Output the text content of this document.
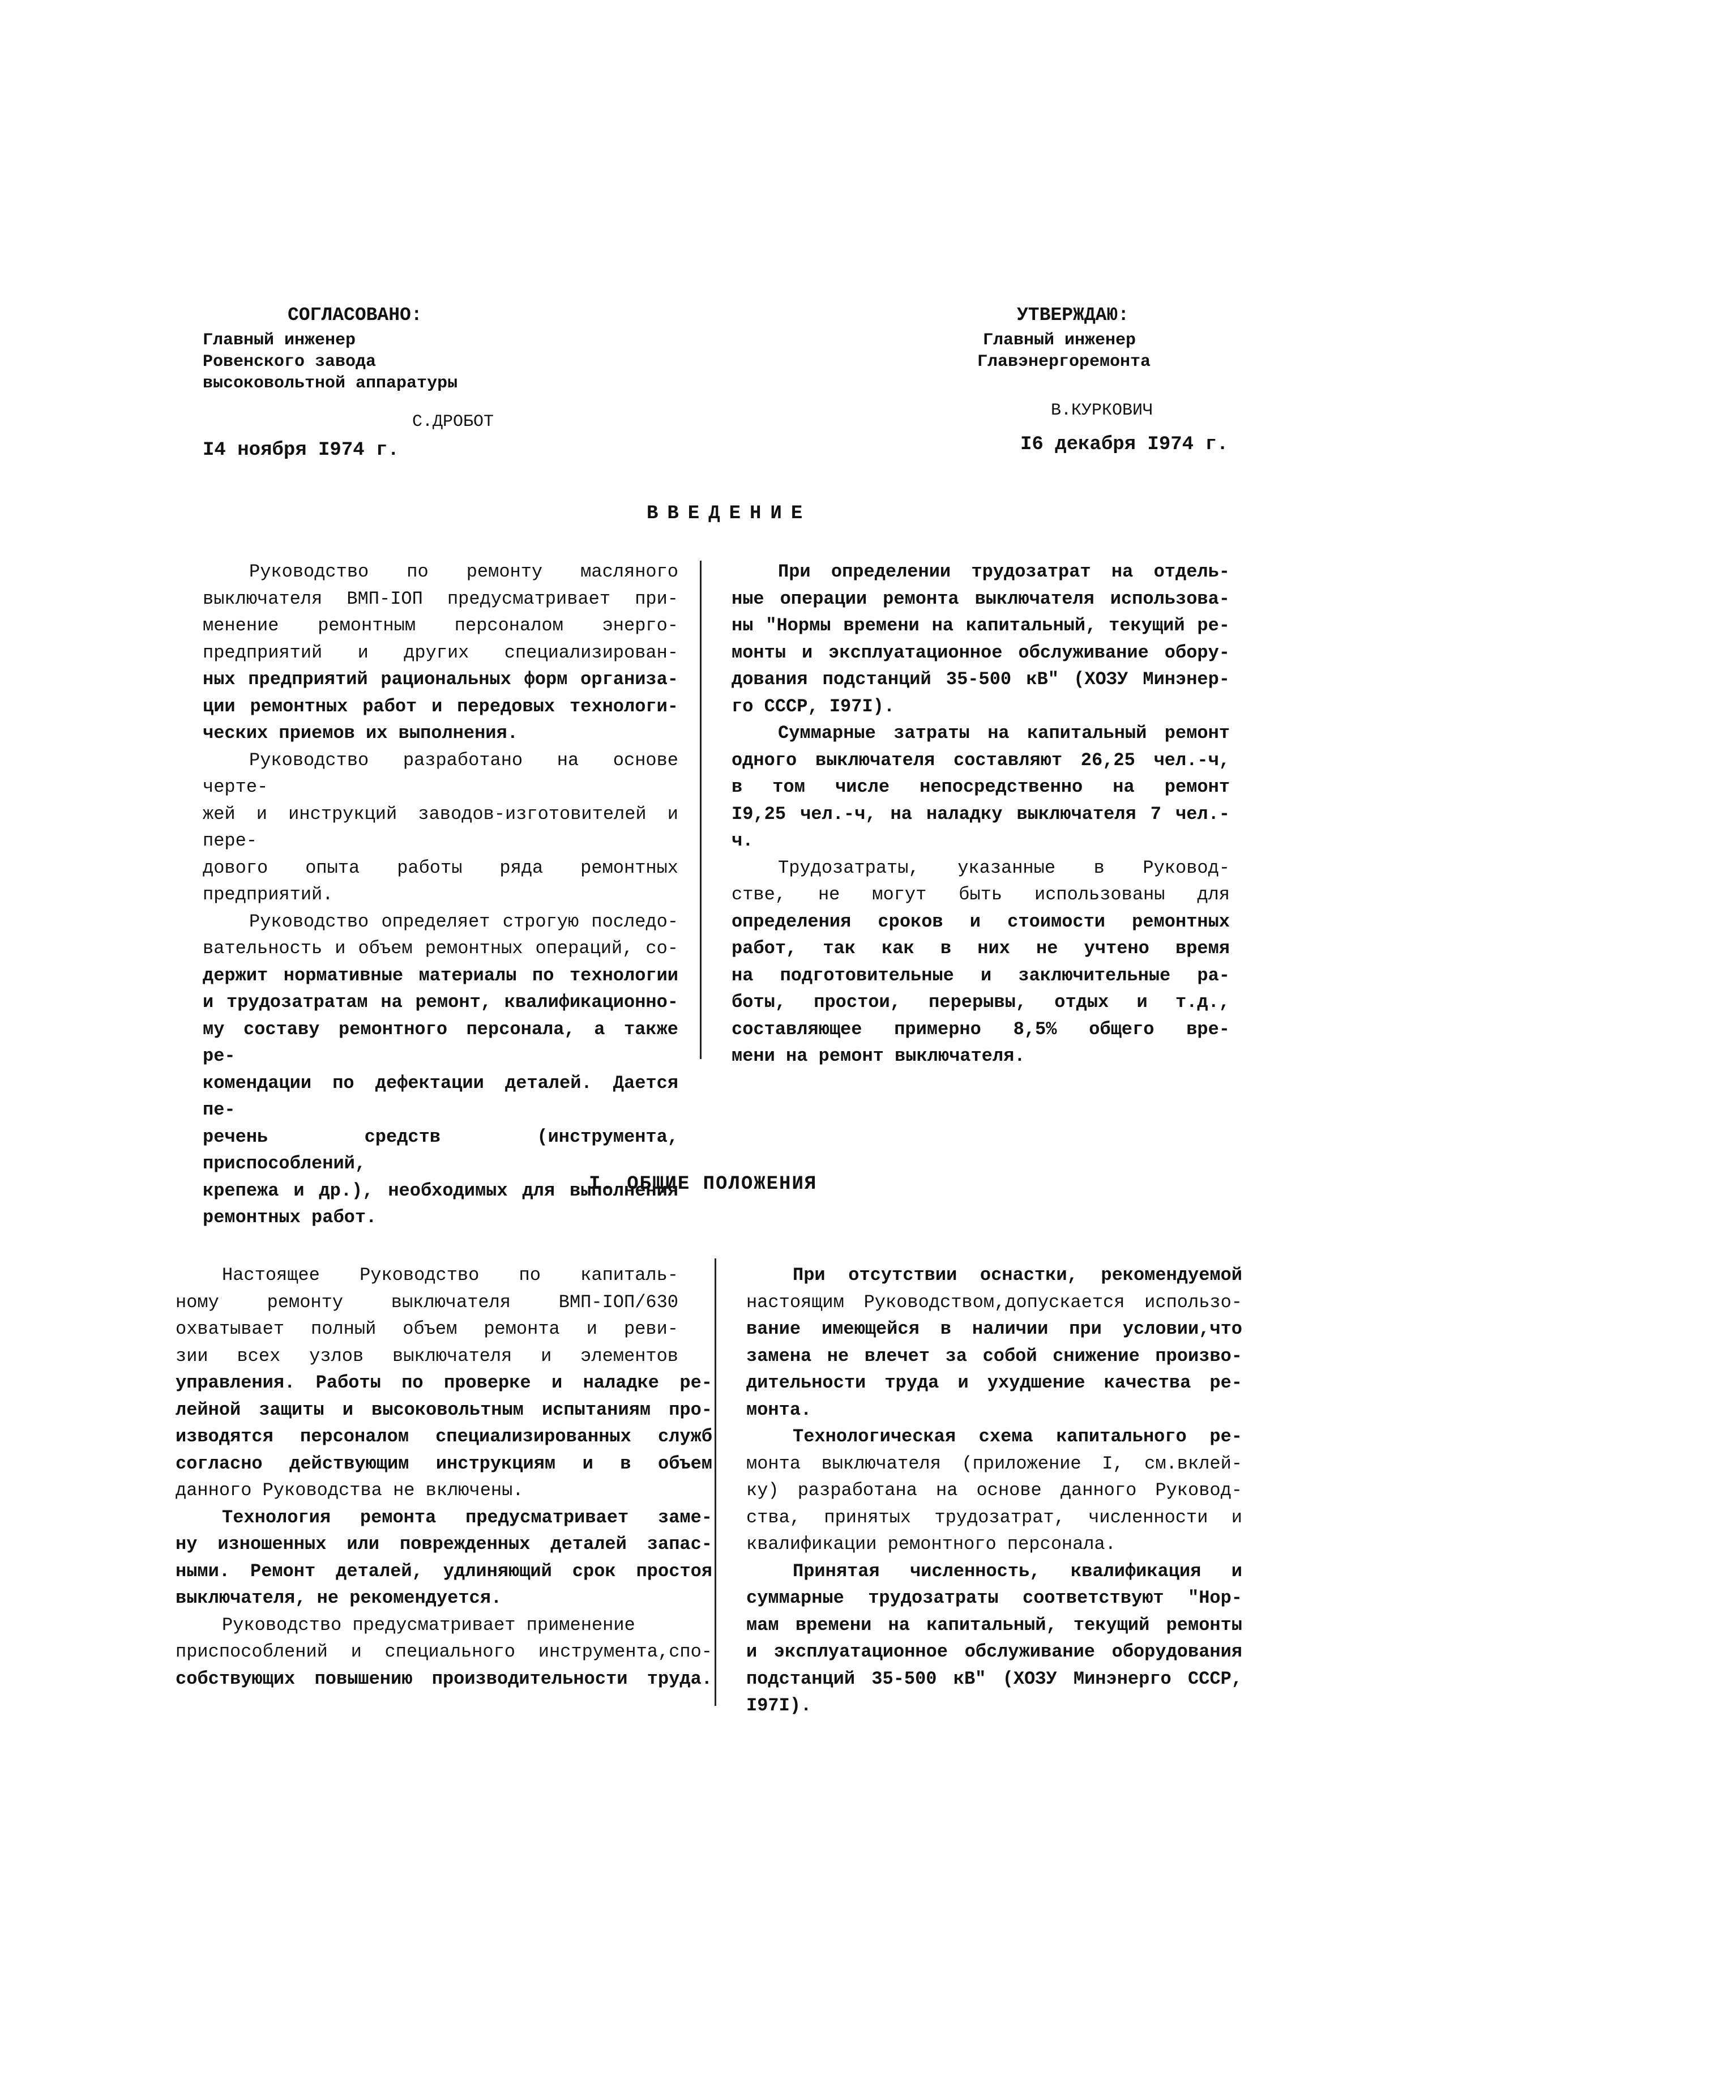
СОГЛАСОВАНО:
Главный инженер
Ровенского завода
высоковольтной аппаратуры
С.ДРОБОТ
I4 ноября I974 г.
УТВЕРЖДАЮ:
Главный инженер
Главэнергоремонта
В.КУРКОВИЧ
I6 декабря I974 г.
ВВЕДЕНИЕ
Руководство по ремонту масляного
выключателя ВМП-IОП предусматривает при-
менение ремонтным персоналом энерго-
предприятий и других специализирован-
ных предприятий рациональных форм организа-
ции ремонтных работ и передовых технологи-
ческих приемов их выполнения.
Руководство разработано на основе черте-
жей и инструкций заводов-изготовителей и пере-
дового опыта работы ряда ремонтных предприятий.
Руководство определяет строгую последо-
вательность и объем ремонтных операций, со-
держит нормативные материалы по технологии
и трудозатратам на ремонт, квалификационно-
му составу ремонтного персонала, а также ре-
комендации по дефектации деталей. Дается пе-
речень средств (инструмента, приспособлений,
крепежа и др.), необходимых для выполнения
ремонтных работ.
При определении трудозатрат на отдель-
ные операции ремонта выключателя использова-
ны "Нормы времени на капитальный, текущий ре-
монты и эксплуатационное обслуживание обору-
дования подстанций 35-500 кВ" (ХОЗУ Минэнер-
го СССР, I97I).
Суммарные затраты на капитальный ремонт
одного выключателя составляют 26,25 чел.-ч,
в том числе непосредственно на ремонт
I9,25 чел.-ч, на наладку выключателя 7 чел.-ч.
Трудозатраты, указанные в Руковод-
стве, не могут быть использованы для
определения сроков и стоимости ремонтных
работ, так как в них не учтено время
на подготовительные и заключительные ра-
боты, простои, перерывы, отдых и т.д.,
составляющее примерно 8,5% общего вре-
мени на ремонт выключателя.
I. ОБЩИЕ ПОЛОЖЕНИЯ
Настоящее Руководство по капиталь-
ному ремонту выключателя ВМП-IОП/630
охватывает полный объем ремонта и реви-
зии всех узлов выключателя и элементов
управления. Работы по проверке и наладке ре-
лейной защиты и высоковольтным испытаниям про-
изводятся персоналом специализированных служб
согласно действующим инструкциям и в объем
данного Руководства не включены.
Технология ремонта предусматривает заме-
ну изношенных или поврежденных деталей запас-
ными. Ремонт деталей, удлиняющий срок простоя
выключателя, не рекомендуется.
Руководство предусматривает применение
приспособлений и специального инструмента,спо-
собствующих повышению производительности труда.
При отсутствии оснастки, рекомендуемой
настоящим Руководством,допускается использо-
вание имеющейся в наличии при условии,что
замена не влечет за собой снижение произво-
дительности труда и ухудшение качества ре-
монта.
Технологическая схема капитального ре-
монта выключателя (приложение I, см.вклей-
ку) разработана на основе данного Руковод-
ства, принятых трудозатрат, численности и
квалификации ремонтного персонала.
Принятая численность, квалификация и
суммарные трудозатраты соответствуют "Нор-
мам времени на капитальный, текущий ремонты
и эксплуатационное обслуживание оборудования
подстанций 35-500 кВ" (ХОЗУ Минэнерго СССР,
I97I).
